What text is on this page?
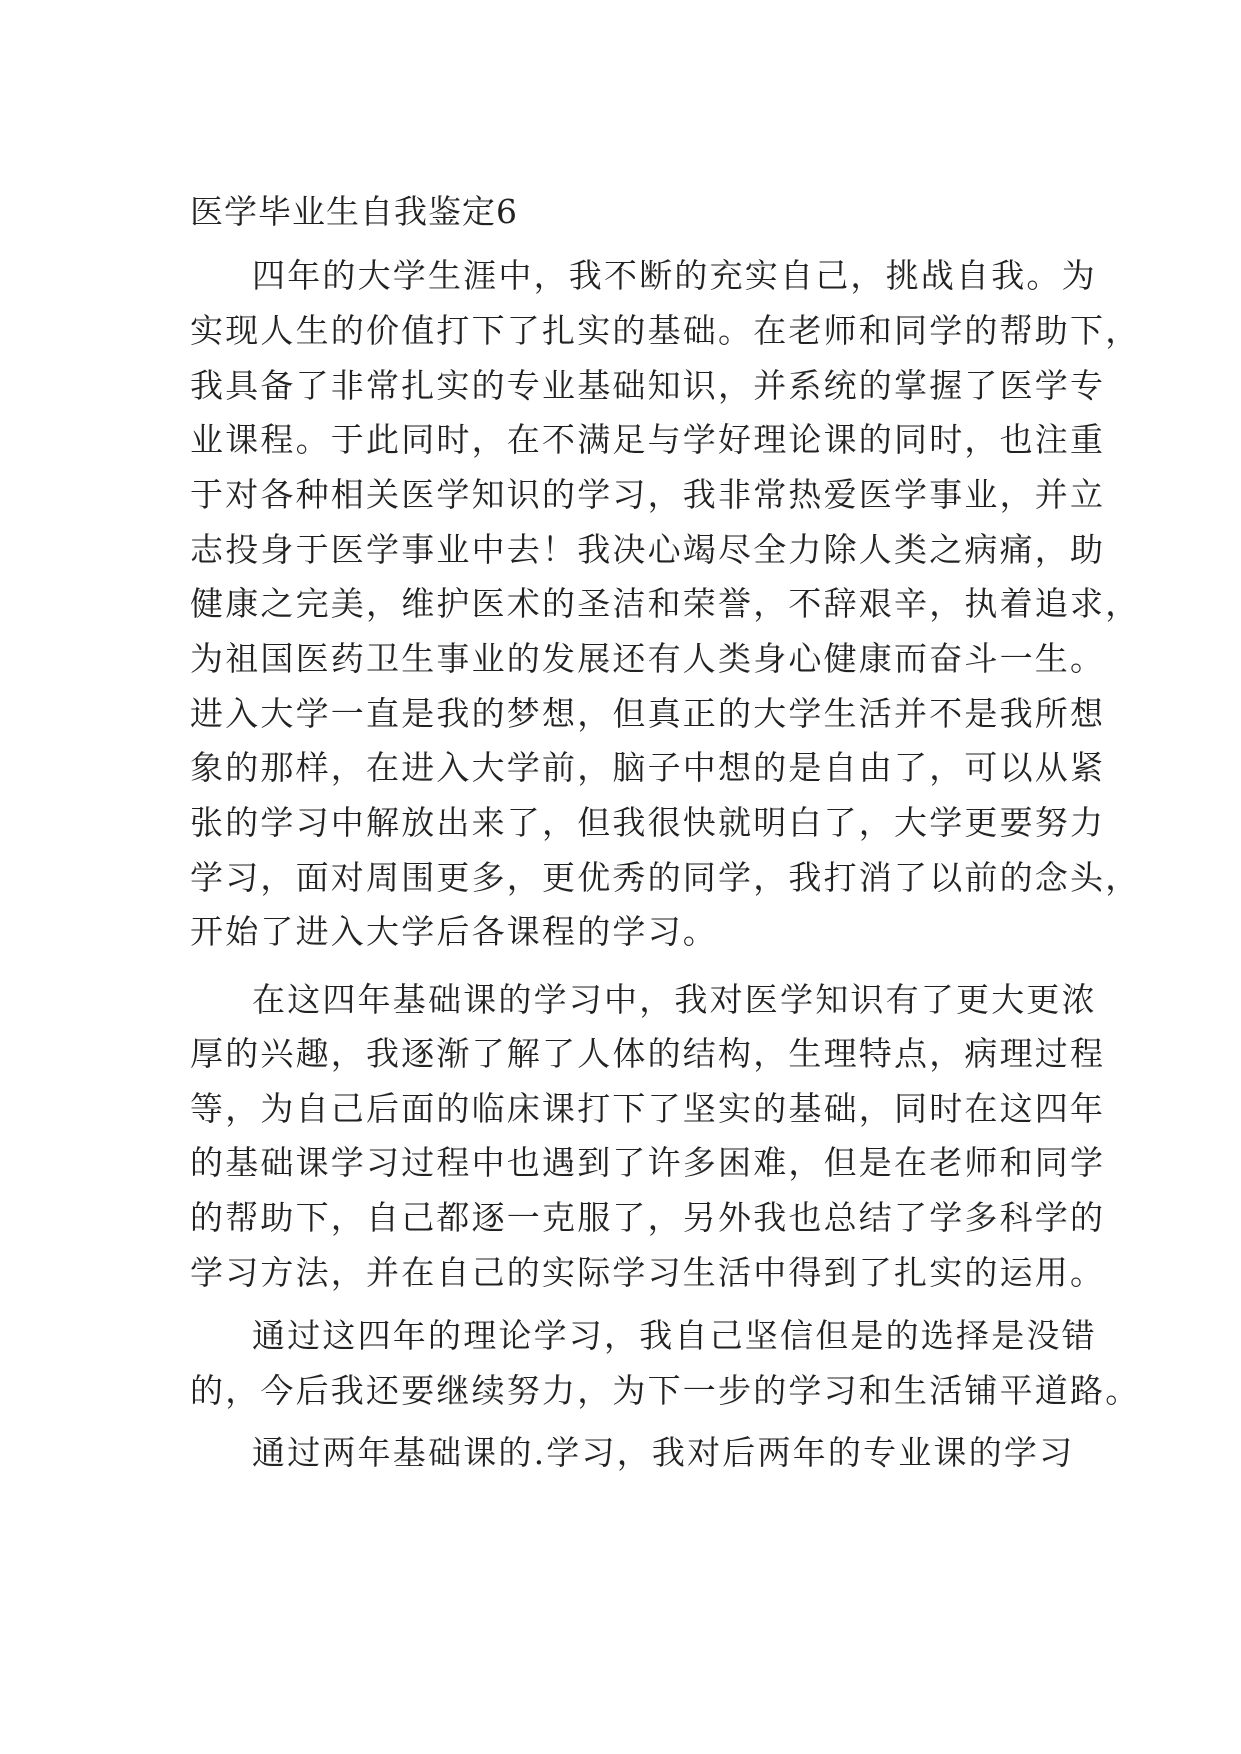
医学毕业生自我鉴定6
四年的大学生涯中，我不断的充实自己，挑战自我。为
实现人生的价值打下了扎实的基础。在老师和同学的帮助下，
我具备了非常扎实的专业基础知识，并系统的掌握了医学专
业课程。于此同时，在不满足与学好理论课的同时，也注重
于对各种相关医学知识的学习，我非常热爱医学事业，并立
志投身于医学事业中去！我决心竭尽全力除人类之病痛，助
健康之完美，维护医术的圣洁和荣誉，不辞艰辛，执着追求，
为祖国医药卫生事业的发展还有人类身心健康而奋斗一生。
进入大学一直是我的梦想，但真正的大学生活并不是我所想
象的那样，在进入大学前，脑子中想的是自由了，可以从紧
张的学习中解放出来了，但我很快就明白了，大学更要努力
学习，面对周围更多，更优秀的同学，我打消了以前的念头，
开始了进入大学后各课程的学习。
在这四年基础课的学习中，我对医学知识有了更大更浓
厚的兴趣，我逐渐了解了人体的结构，生理特点，病理过程
等，为自己后面的临床课打下了坚实的基础，同时在这四年
的基础课学习过程中也遇到了许多困难，但是在老师和同学
的帮助下，自己都逐一克服了，另外我也总结了学多科学的
学习方法，并在自己的实际学习生活中得到了扎实的运用。
通过这四年的理论学习，我自己坚信但是的选择是没错
的，今后我还要继续努力，为下一步的学习和生活铺平道路。
通过两年基础课的.学习，我对后两年的专业课的学习
